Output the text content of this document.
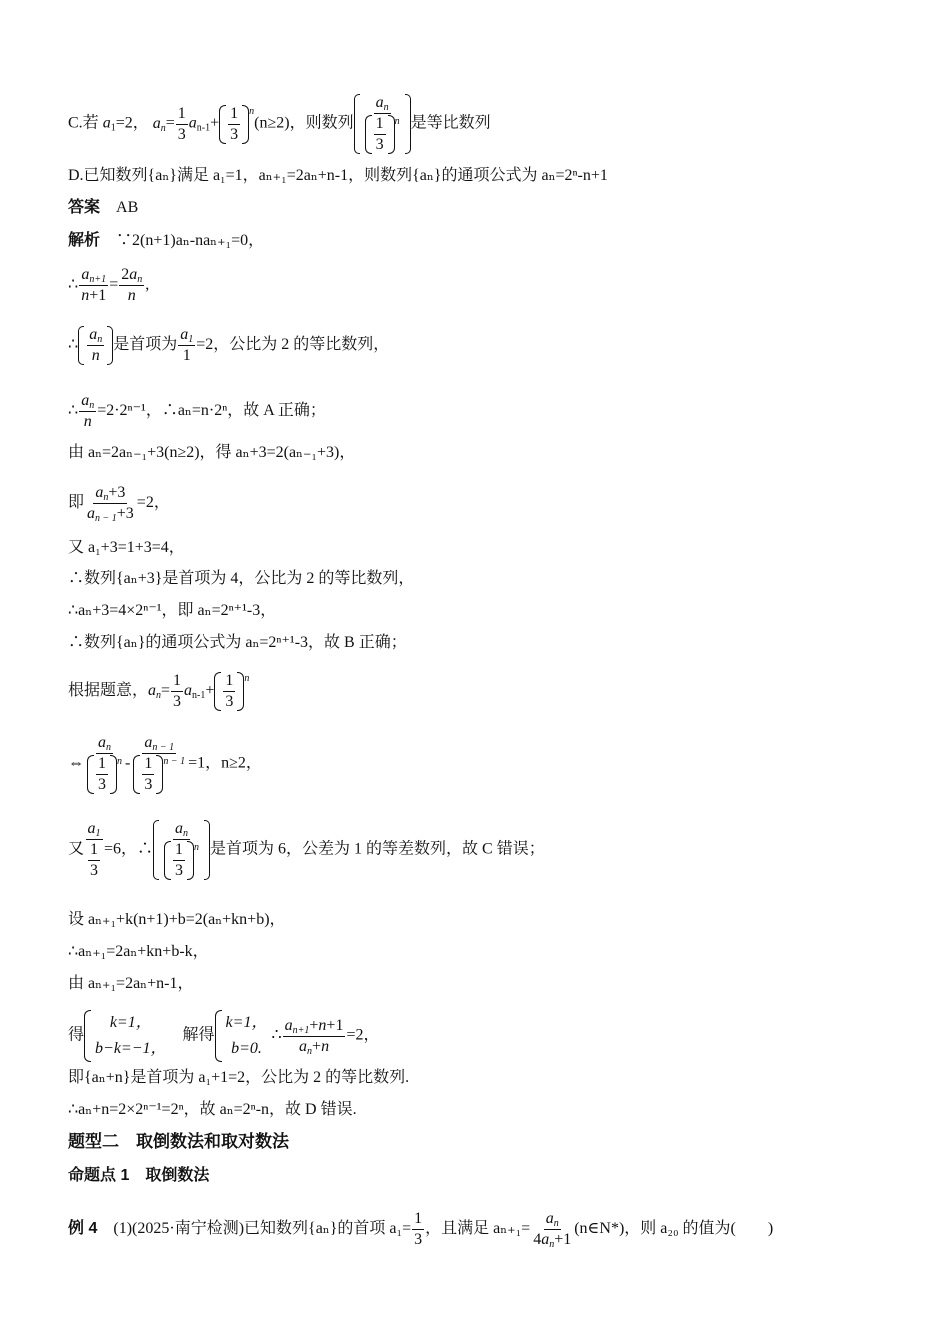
C.若 $a_1=2$， $a_n= \frac{1}{3} a_{n-1}+ \frac{1}{3} ^n$
(n≥2)，则数列 $\frac{a_n}{\frac{1}{3} ^n}$ 是等比数列
D.已知数列{aₙ}满足 a₁=1，aₙ₊₁=2aₙ+n-1，则数列{aₙ}的通项公式为 aₙ=2ⁿ-n+1
答案　 AB
解析　 ∵2(n+1)aₙ-naₙ₊₁=0，
∴ $\frac{a_{n+1}}{n+1} = \frac{2a_n}{n}$ ,
∴ $\frac{a_n}{n}$ 是首项为 $\frac{a_1}{1} =2$，公比为 2 的等比数列，
∴ $\frac{a_n}{n} =2\cdot 2^{n-1}$，∴aₙ=n·2ⁿ，故 A 正确；
由 aₙ=2aₙ₋₁+3(n≥2)，得 aₙ+3=2(aₙ₋₁+3)，
即 $\frac{a_n+3}{a_{n - 1}+3} =2$，
又 a₁+3=1+3=4，
∴数列{aₙ+3}是首项为 4，公比为 2 的等比数列，
∴aₙ+3=4×2ⁿ⁻¹，即 aₙ=2ⁿ⁺¹-3，
∴数列{aₙ}的通项公式为 aₙ=2ⁿ⁺¹-3，故 B 正确；
根据题意，$a_n= \frac{1}{3} a_{n-1}+ \frac{1}{3} ^n$
⇔ $\frac{a_n}{\frac{1}{3} ^n} - \frac{a_{n - 1}}{\frac{1}{3} ^{n - 1}} =1$，n≥2，
又 $\frac{a_1}{\frac{1}{3}} =6$，∴ $\frac{a_n}{\frac{1}{3} ^n}$ 是首项为 6，公差为 1 的等差数列，故 C 错误；
设 aₙ₊₁+k(n+1)+b=2(aₙ+kn+b)，
∴aₙ₊₁=2aₙ+kn+b-k，
由 aₙ₊₁=2aₙ+n-1，
得
k=1，
b−k=−1，
　解得
k=1，
b=0.
∴ $\frac{a_{n+1}+n+1}{a_n+n} =2$，
即{aₙ+n}是首项为 a₁+1=2，公比为 2 的等比数列.
∴aₙ+n=2×2ⁿ⁻¹=2ⁿ，故 aₙ=2ⁿ-n，故 D 错误.
题型二　取倒数法和取对数法
命题点 1　取倒数法
例 4　 (1)(2025·南宁检测)已知数列{aₙ}的首项 $a_1= \frac{1}{3}$ ，且满足 $a_{n+1}= \frac{a_n}{4a_n+1}$ (n∈N*)，则 a₂₀ 的值为(　　)
